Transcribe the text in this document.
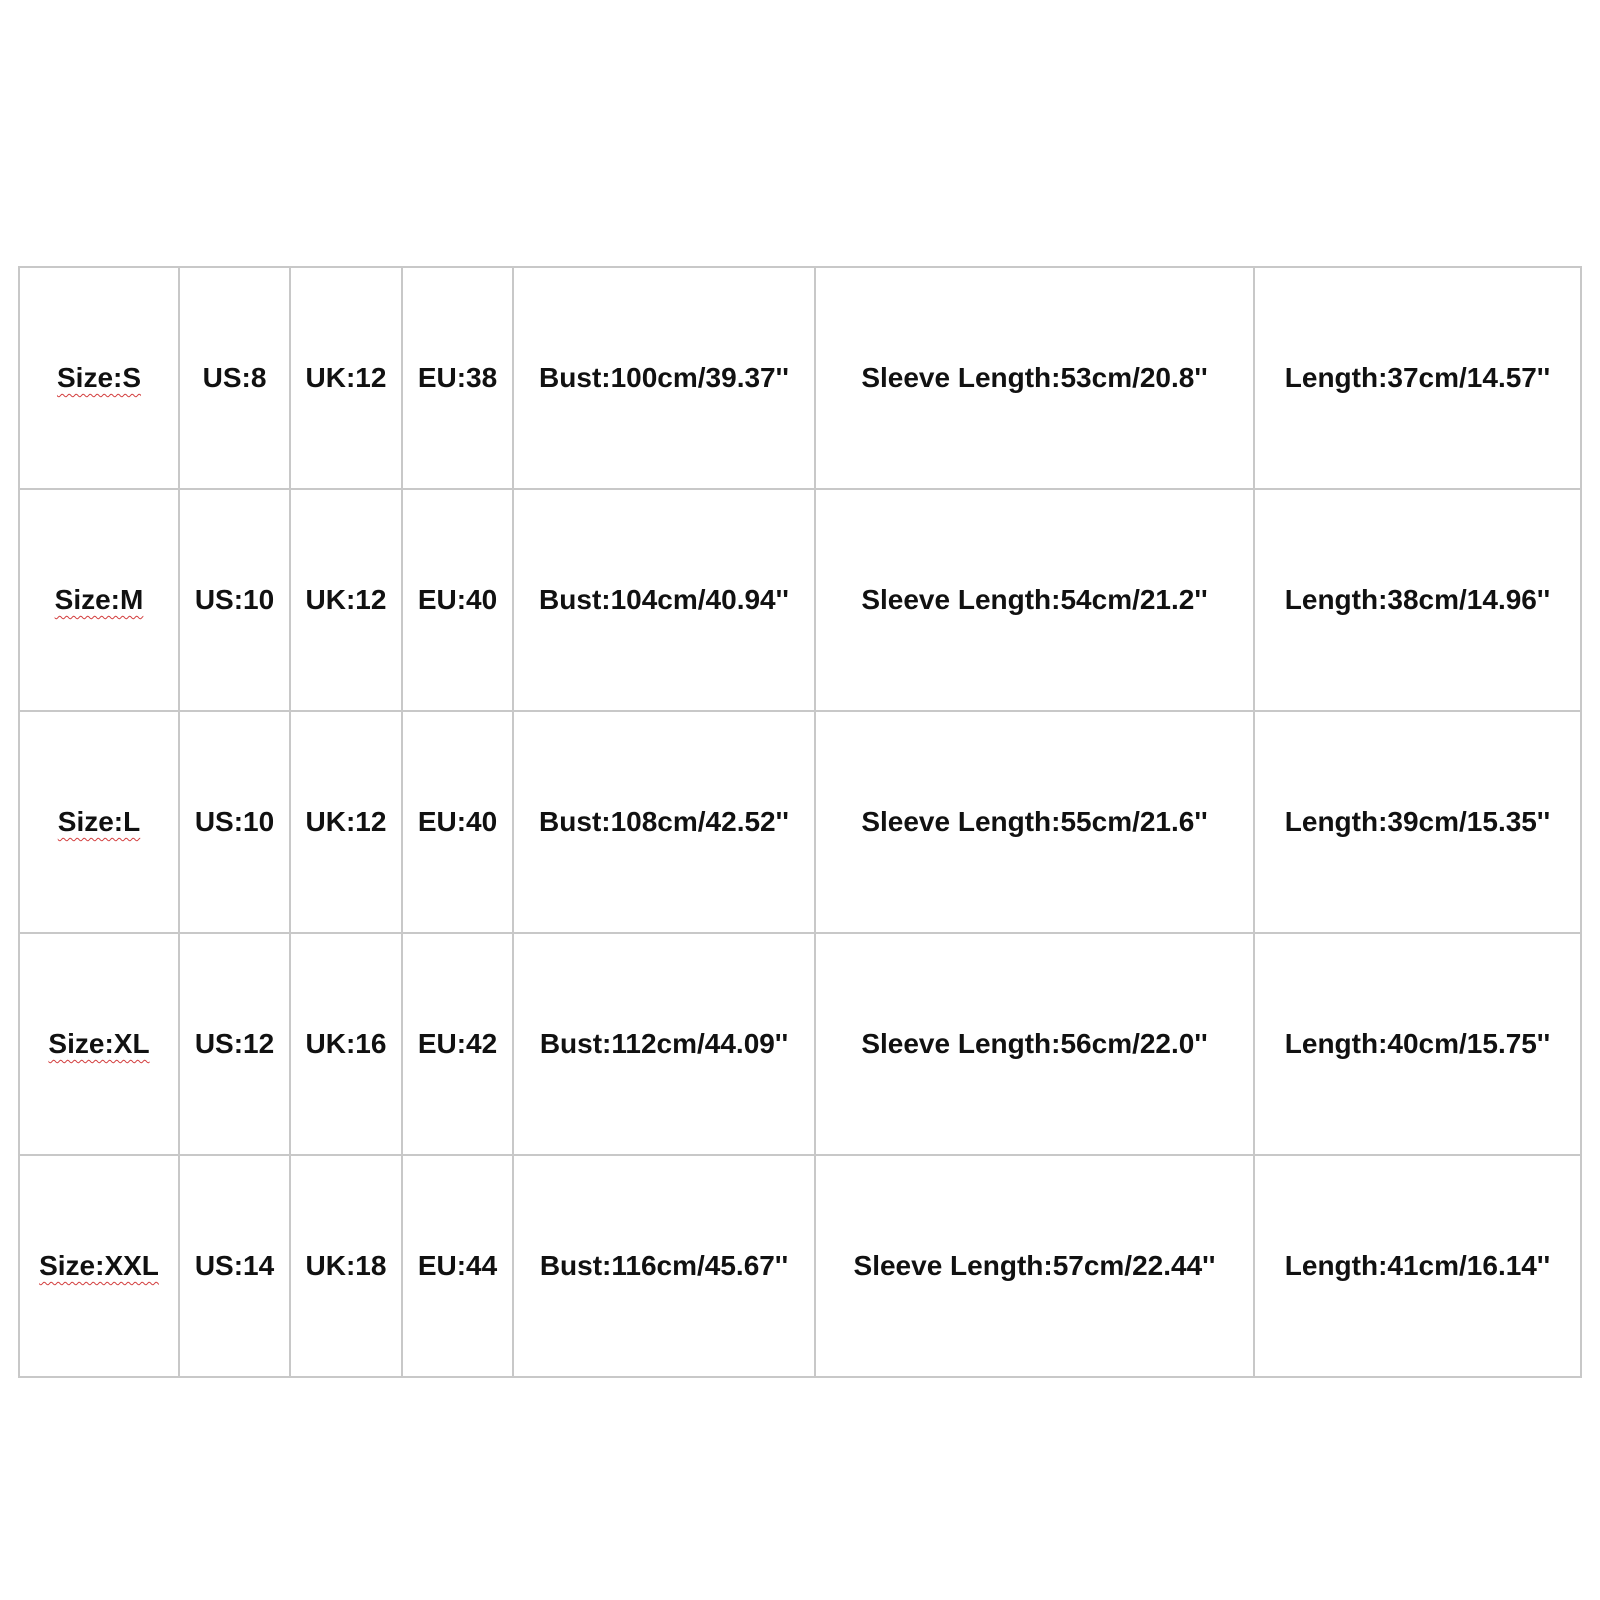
Size:S	US:8	UK:12	EU:38	Bust:100cm/39.37''	Sleeve Length:53cm/20.8''	Length:37cm/14.57''
Size:M	US:10	UK:12	EU:40	Bust:104cm/40.94''	Sleeve Length:54cm/21.2''	Length:38cm/14.96''
Size:L	US:10	UK:12	EU:40	Bust:108cm/42.52''	Sleeve Length:55cm/21.6''	Length:39cm/15.35''
Size:XL	US:12	UK:16	EU:42	Bust:112cm/44.09''	Sleeve Length:56cm/22.0''	Length:40cm/15.75''
Size:XXL	US:14	UK:18	EU:44	Bust:116cm/45.67''	Sleeve Length:57cm/22.44''	Length:41cm/16.14''
